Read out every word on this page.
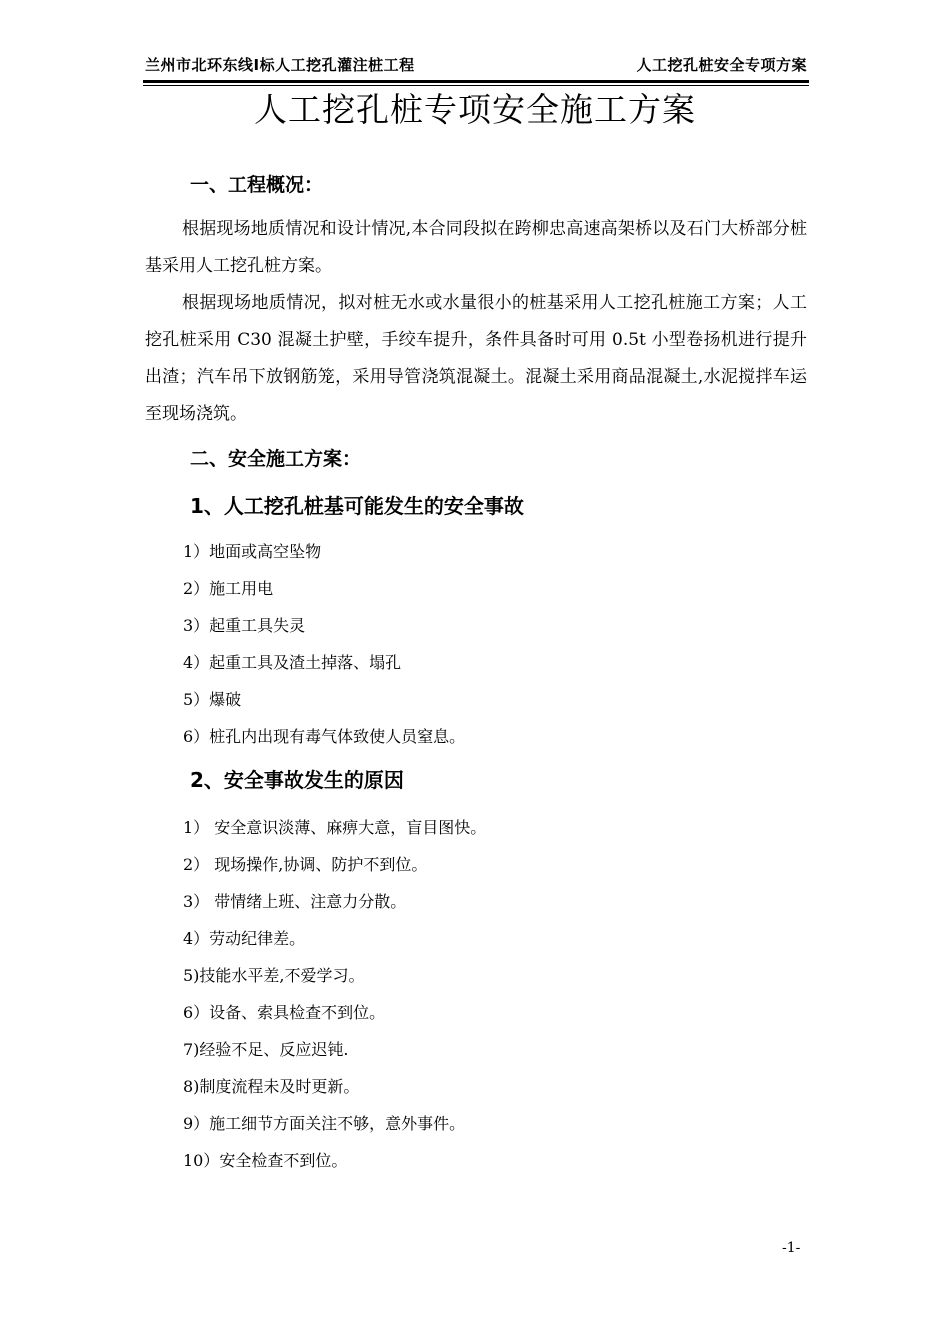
兰州市北环东线Ⅰ标人工挖孔灌注桩工程	人工挖孔桩安全专项方案
人工挖孔桩专项安全施工方案
一、工程概况：

根据现场地质情况和设计情况,本合同段拟在跨柳忠高速高架桥以及石门大桥部分桩基采用人工挖孔桩方案。

根据现场地质情况，拟对桩无水或水量很小的桩基采用人工挖孔桩施工方案；人工挖孔桩采用 C30 混凝土护壁，手绞车提升，条件具备时可用 0.5t 小型卷扬机进行提升出渣；汽车吊下放钢筋笼，采用导管浇筑混凝土。混凝土采用商品混凝土,水泥搅拌车运至现场浇筑。

二、安全施工方案：
1、人工挖孔桩基可能发生的安全事故
1）地面或高空坠物
2）施工用电
3）起重工具失灵
4）起重工具及渣土掉落、塌孔
5）爆破
6）桩孔内出现有毒气体致使人员窒息。
2、安全事故发生的原因
1） 安全意识淡薄、麻痹大意，盲目图快。
2） 现场操作,协调、防护不到位。
3） 带情绪上班、注意力分散。
4）劳动纪律差。
5)技能水平差,不爱学习。
6）设备、索具检查不到位。
7)经验不足、反应迟钝.
8)制度流程未及时更新。
9）施工细节方面关注不够，意外事件。
10）安全检查不到位。
-1-
